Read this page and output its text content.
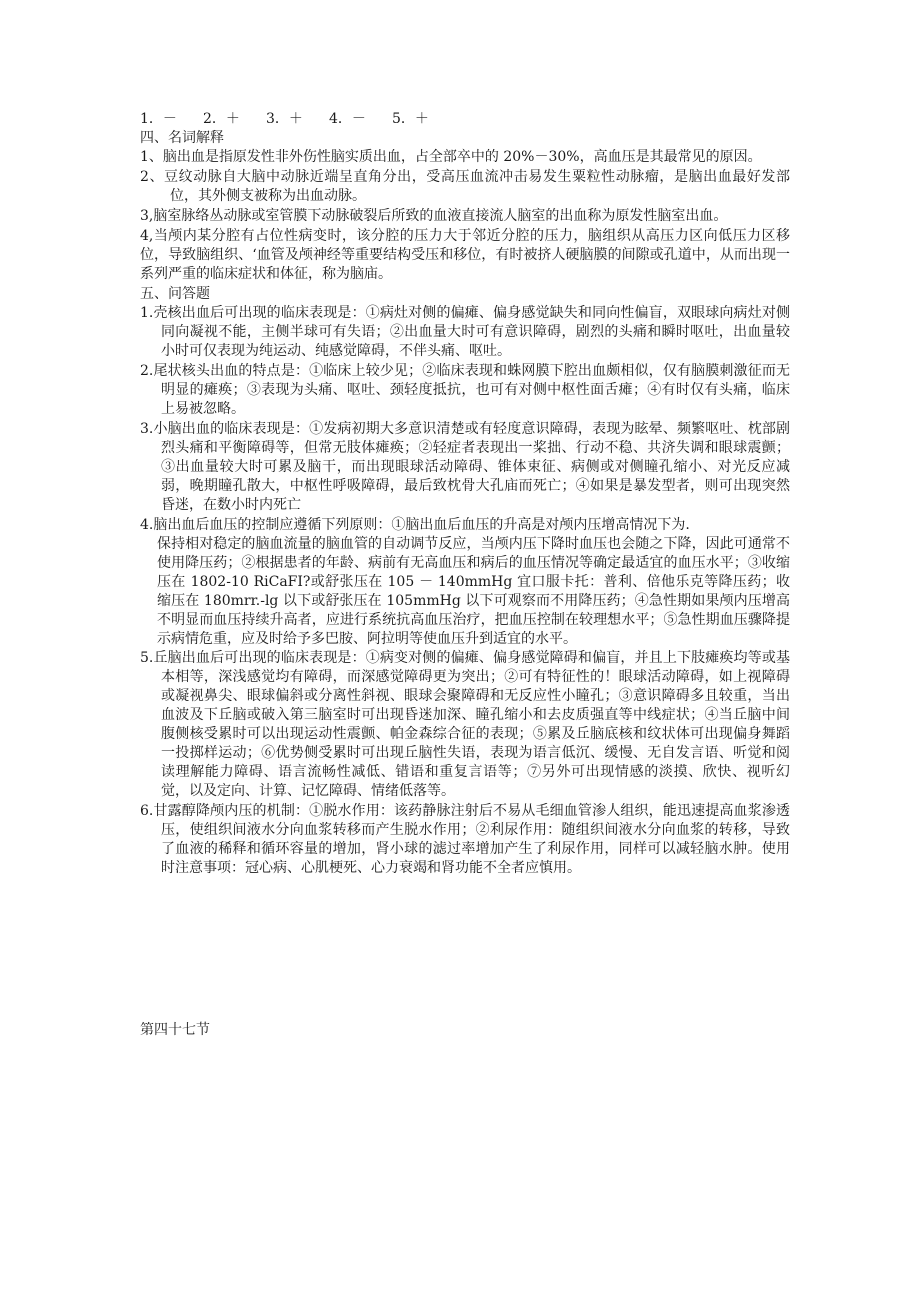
1．－	2．＋	3．＋	4．－	5．＋
四、名词解释
1、脑出血是指原发性非外伤性脑实质出血，占全部卒中的 20%－30%，高血压是其最常见的原因。
2、豆纹动脉自大脑中动脉近端呈直角分出，受高压血流冲击易发生粟粒性动脉瘤，是脑出血最好发部位，其外侧支被称为出血动脉。
3,脑室脉络丛动脉或室管膜下动脉破裂后所致的血液直接流人脑室的出血称为原发性脑室出血。
4,当颅内某分腔有占位性病变时，该分腔的压力大于邻近分腔的压力，脑组织从高压力区向低压力区移位，导致脑组织、‘血管及颅神经等重要结构受压和移位，有时被挤人硬脑膜的间隙或孔道中，从而出现一系列严重的临床症状和体征，称为脑庙。
五、问答题
1.壳核出血后可出现的临床表现是：①病灶对侧的偏瘫、偏身感觉缺失和同向性偏盲，双眼球向病灶对侧同向凝视不能，主侧半球可有失语；②出血量大时可有意识障碍，剧烈的头痛和瞬时呕吐，出血量较小时可仅表现为纯运动、纯感觉障碍，不伴头痛、呕吐。
2.尾状核头出血的特点是：①临床上较少见；②临床表现和蛛网膜下腔出血颇相似，仅有脑膜刺激征而无明显的瘫痪；③表现为头痛、呕吐、颈轻度抵抗，也可有对侧中枢性面舌瘫；④有时仅有头痛，临床上易被忽略。
3.小脑出血的临床表现是：①发病初期大多意识清楚或有轻度意识障碍，表现为眩晕、频繁呕吐、枕部剧烈头痛和平衡障碍等，但常无肢体瘫痪；②轻症者表现出一桨拙、行动不稳、共济失调和眼球震颤；③出血量较大时可累及脑干，而出现眼球活动障碍、锥体束征、病侧或对侧瞳孔缩小、对光反应减弱，晚期瞳孔散大，中枢性呼吸障碍，最后致枕骨大孔庙而死亡；④如果是暴发型者，则可出现突然昏迷，在数小时内死亡
4.脑出血后血压的控制应遵循下列原则：①脑出血后血压的升高是对颅内压增高情况下为.
保持相对稳定的脑血流量的脑血管的自动调节反应，当颅内压下降时血压也会随之下降，因此可通常不使用降压药；②根据患者的年龄、病前有无高血压和病后的血压情况等确定最适宜的血压水平；③收缩压在 1802-10 RiCaFI?或舒张压在 105 － 140mmHg 宜口服卡托：普利、倍他乐克等降压药；收缩压在 180mrr.-lg 以下或舒张压在 105mmHg 以下可观察而不用降压药；④急性期如果颅内压增高不明显而血压持续升高者，应进行系统抗高血压治疗，把血压控制在较理想水平；⑤急性期血压骤降提示病情危重，应及时给予多巴胺、阿拉明等使血压升到适宜的水平。
5.丘脑出血后可出现的临床表现是：①病变对侧的偏瘫、偏身感觉障碍和偏盲，并且上下肢瘫痪均等或基本相等，深浅感觉均有障碍，而深感觉障碍更为突出；②可有特征性的！眼球活动障碍，如上视障碍或凝视鼻尖、眼球偏斜或分离性斜视、眼球会聚障碍和无反应性小瞳孔；③意识障碍多且较重，当出血波及下丘脑或破入第三脑室时可出现昏迷加深、瞳孔缩小和去皮质强直等中线症状；④当丘脑中间腹侧核受累时可以出现运动性震颤、帕金森综合征的表现；⑤累及丘脑底核和纹状体可出现偏身舞蹈一投掷样运动；⑥优势侧受累时可出现丘脑性失语，表现为语言低沉、缓慢、无自发言语、听觉和阅读理解能力障碍、语言流畅性减低、错语和重复言语等；⑦另外可出现情感的淡摸、欣快、视听幻觉，以及定向、计算、记忆障碍、情绪低落等。
6.甘露醇降颅内压的机制：①脱水作用：该药静脉注射后不易从毛细血管渗人组织，能迅速提高血浆渗透压，使组织间液水分向血浆转移而产生脱水作用；②利尿作用：随组织间液水分向血浆的转移，导致了血液的稀释和循环容量的增加，肾小球的滤过率增加产生了利尿作用，同样可以减轻脑水肿。使用时注意事项：冠心病、心肌梗死、心力衰竭和肾功能不全者应慎用。
第四十七节
